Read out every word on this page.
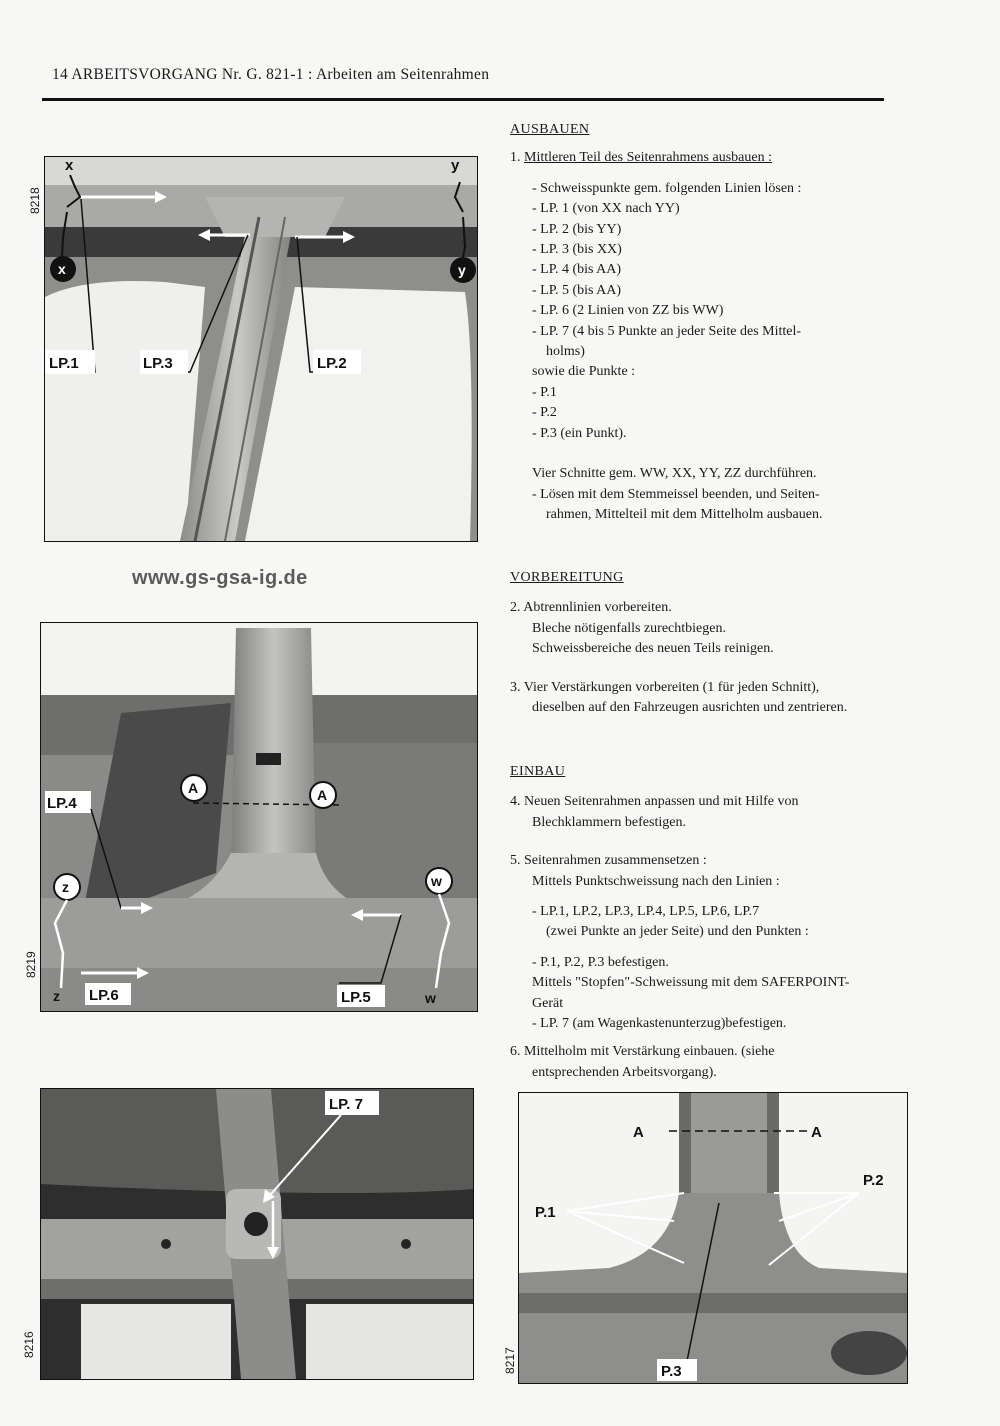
14 ARBEITSVORGANG Nr. G. 821-1 : Arbeiten am Seitenrahmen
8218
x	y
x	y
LP.1	LP.3	LP.2
www.gs-gsa-ig.de
8219
A	A
LP.4
z	w
z LP.6	LP.5	w
8216
LP. 7
8217
A	A
P.1
P.2
P.3

AUSBAUEN

1. Mittleren Teil des Seitenrahmens ausbauen :

- Schweisspunkte gem. folgenden Linien lösen :

- LP. 1 (von XX nach YY)

- LP. 2 (bis YY)

- LP. 3 (bis XX)

- LP. 4 (bis AA)

- LP. 5 (bis AA)

- LP. 6 (2 Linien von ZZ bis WW)

- LP. 7 (4 bis 5 Punkte an jeder Seite des Mittel-

holms)

sowie die Punkte :

- P.1

- P.2

- P.3 (ein Punkt).

Vier Schnitte gem. WW, XX, YY, ZZ durchführen.

- Lösen mit dem Stemmeissel beenden, und Seiten-

rahmen, Mittelteil mit dem Mittelholm ausbauen.

VORBEREITUNG

2. Abtrennlinien vorbereiten.

Bleche nötigenfalls zurechtbiegen.

Schweissbereiche des neuen Teils reinigen.

3. Vier Verstärkungen vorbereiten (1 für jeden Schnitt),

dieselben auf den Fahrzeugen ausrichten und zentrieren.

EINBAU

4. Neuen Seitenrahmen anpassen und mit Hilfe von

Blechklammern befestigen.

5. Seitenrahmen zusammensetzen :

Mittels Punktschweissung nach den Linien :

- LP.1, LP.2, LP.3, LP.4, LP.5, LP.6, LP.7

(zwei Punkte an jeder Seite) und den Punkten :

- P.1, P.2, P.3 befestigen.

Mittels "Stopfen"-Schweissung mit dem SAFERPOINT-

Gerät

- LP. 7 (am Wagenkastenunterzug)befestigen.

6. Mittelholm mit Verstärkung einbauen. (siehe

entsprechenden Arbeitsvorgang).
